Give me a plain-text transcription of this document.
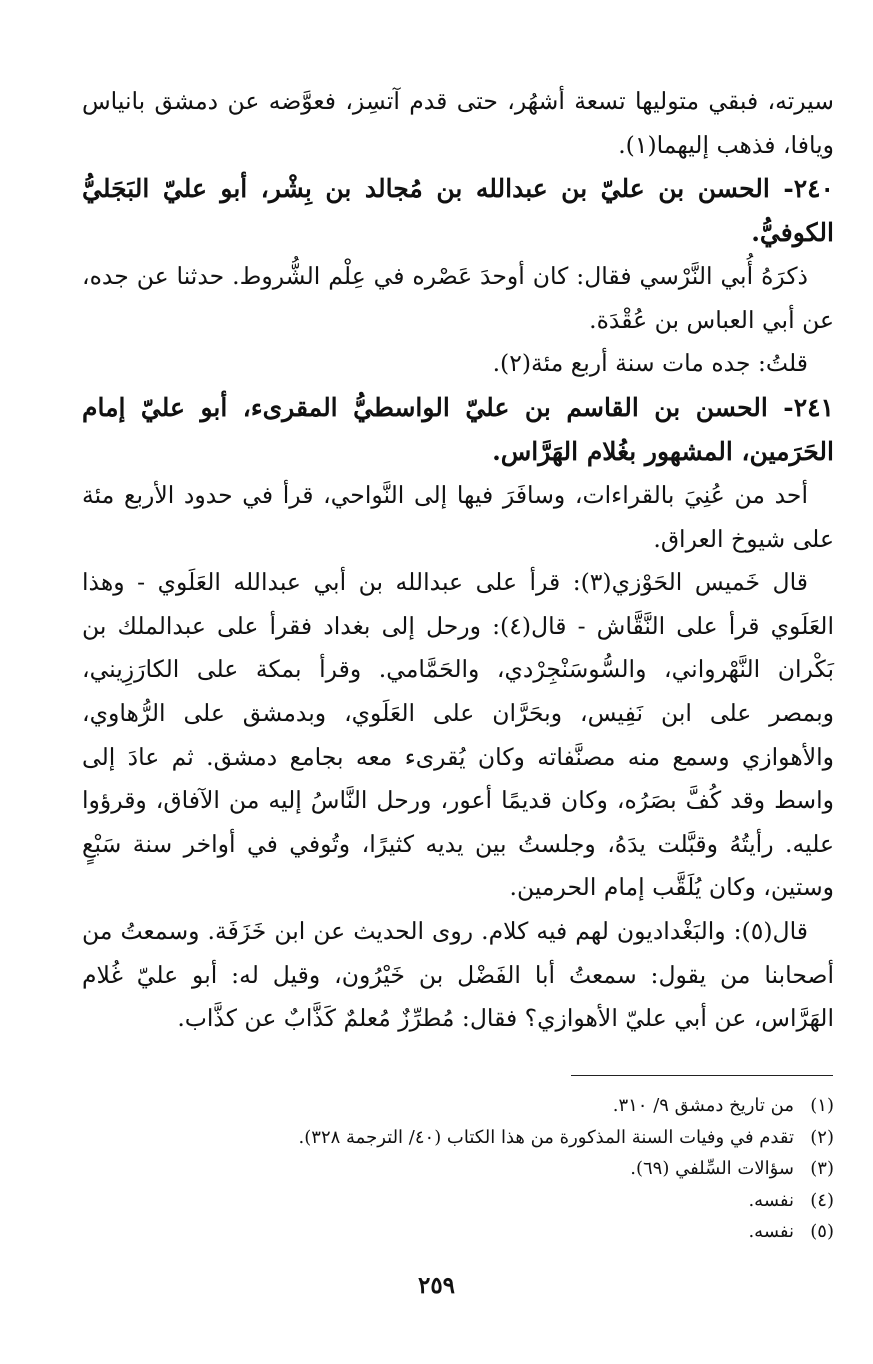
سيرته، فبقي متوليها تسعة أشهُر، حتى قدم آتسِز، فعوَّضه عن دمشق بانياس ويافا، فذهب إليهما(١).

٢٤٠- الحسن بن عليّ بن عبدالله بن مُجالد بن بِشْر، أبو عليّ البَجَليُّ الكوفيُّ.

ذكرَهُ أُبي النَّرْسي فقال: كان أوحدَ عَصْره في عِلْم الشُّروط. حدثنا عن جده، عن أبي العباس بن عُقْدَة.

قلتُ: جده مات سنة أربع مئة(٢).

٢٤١- الحسن بن القاسم بن عليّ الواسطيُّ المقرىء، أبو عليّ إمام الحَرَمين، المشهور بغُلام الهَرَّاس.

أحد من عُنِيَ بالقراءات، وسافَرَ فيها إلى النَّواحي، قرأ في حدود الأربع مئة على شيوخ العراق.

قال خَميس الحَوْزي(٣): قرأ على عبدالله بن أبي عبدالله العَلَوي - وهذا العَلَوي قرأ على النَّقَّاش - قال(٤): ورحل إلى بغداد فقرأ على عبدالملك بن بَكْران النَّهْرواني، والسُّوسَنْجِرْدي، والحَمَّامي. وقرأ بمكة على الكارَزِيني، وبمصر على ابن نَفِيس، وبحَرَّان على العَلَوي، وبدمشق على الرُّهاوي، والأهوازي وسمع منه مصنَّفاته وكان يُقرىء معه بجامع دمشق. ثم عادَ إلى واسط وقد كُفَّ بصَرُه، وكان قديمًا أعور، ورحل النَّاسُ إليه من الآفاق، وقرؤوا عليه. رأيتُهُ وقبَّلت يدَهُ، وجلستُ بين يديه كثيرًا، وتُوفي في أواخر سنة سَبْعٍ وستين، وكان يُلَقَّب إمام الحرمين.

قال(٥): والبَغْداديون لهم فيه كلام. روى الحديث عن ابن خَزَفَة. وسمعتُ من أصحابنا من يقول: سمعتُ أبا الفَضْل بن خَيْرُون، وقيل له: أبو عليّ غُلام الهَرَّاس، عن أبي عليّ الأهوازي؟ فقال: مُطرِّزٌ مُعلمٌ كَذَّابٌ عن كذَّاب.

(١)
من تاريخ دمشق ٩/ ٣١٠.
(٢)
تقدم في وفيات السنة المذكورة من هذا الكتاب (٤٠/ الترجمة ٣٢٨).
(٣)
سؤالات السِّلفي (٦٩).
(٤)
نفسه.
(٥)
نفسه.
٢٥٩
